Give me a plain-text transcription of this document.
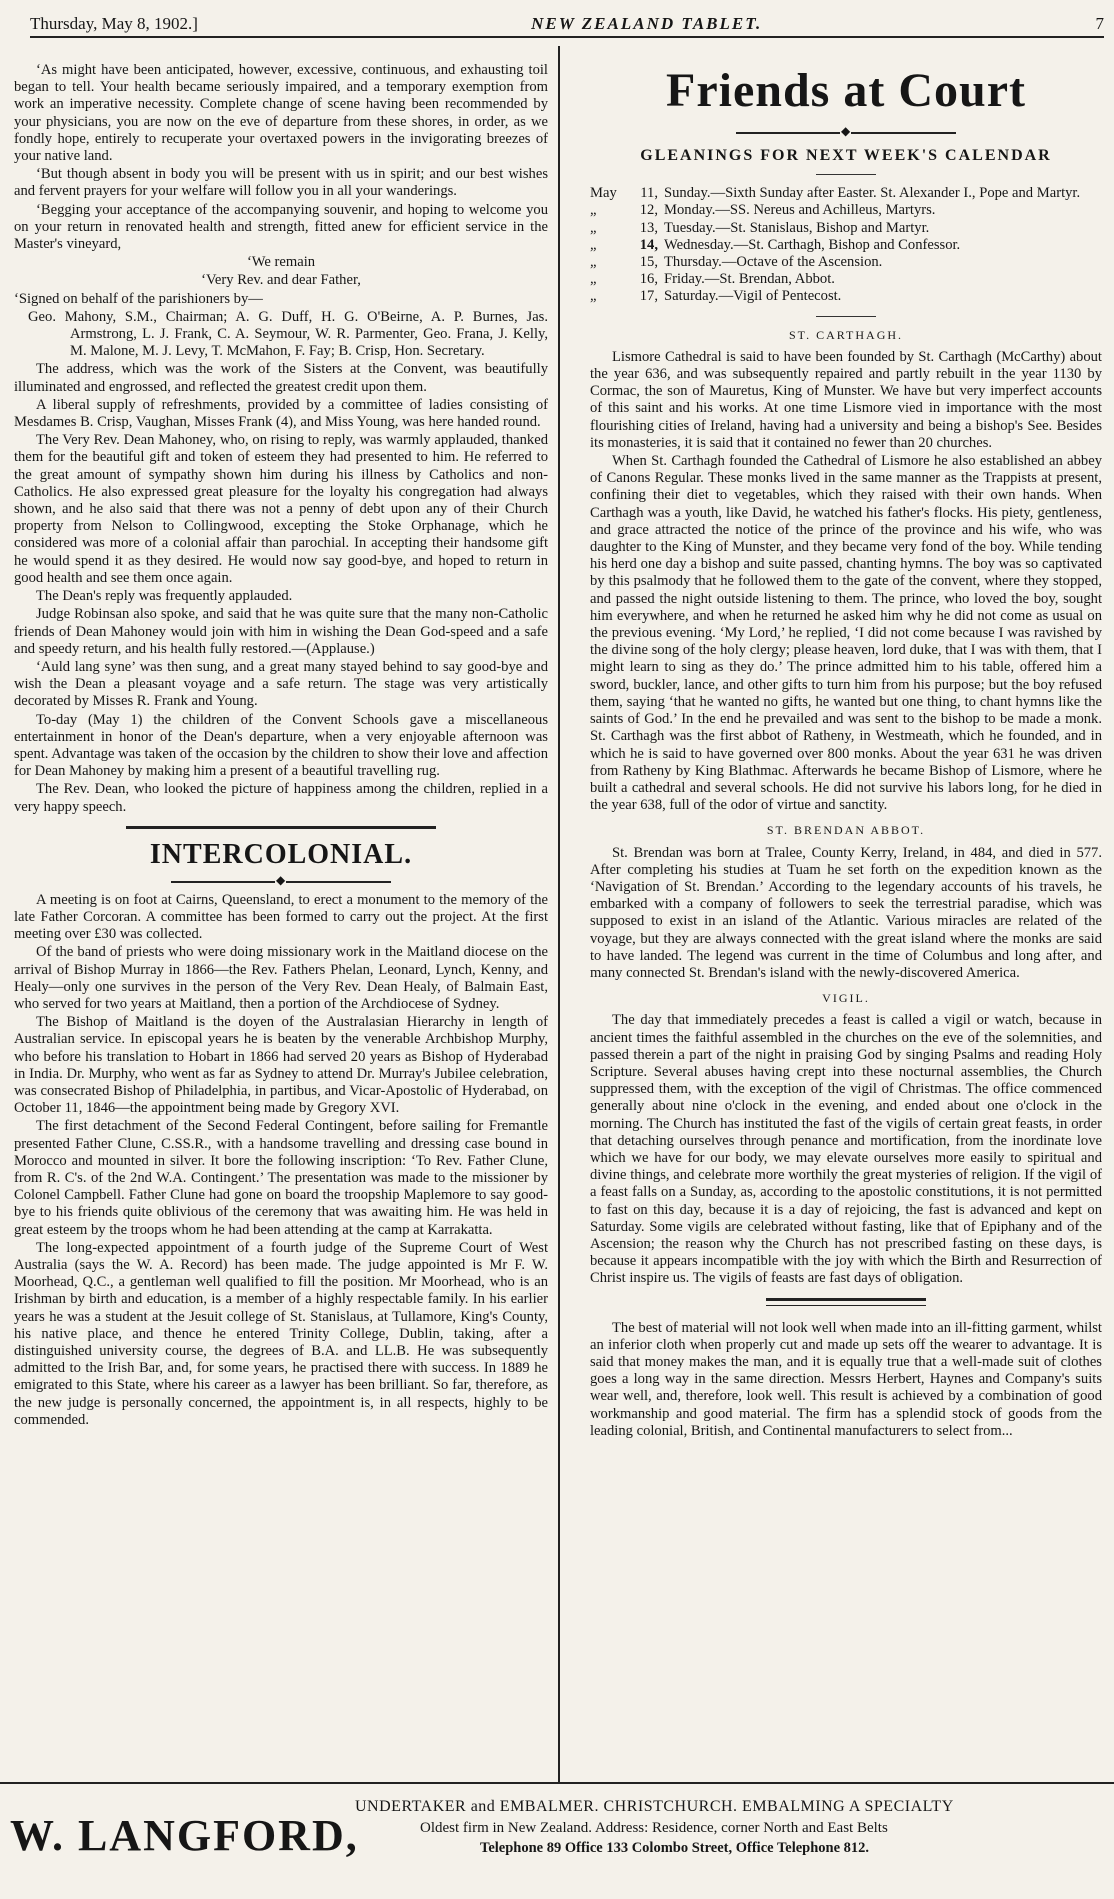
Thursday, May 8, 1902.]	NEW ZEALAND TABLET.	7

‘As might have been anticipated, however, excessive, continuous, and exhausting toil began to tell. Your health became seriously impaired, and a temporary exemption from work an imperative necessity. Complete change of scene having been recommended by your physicians, you are now on the eve of departure from these shores, in order, as we fondly hope, entirely to recuperate your overtaxed powers in the invigorating breezes of your native land.

‘But though absent in body you will be present with us in spirit; and our best wishes and fervent prayers for your welfare will follow you in all your wanderings.

‘Begging your acceptance of the accompanying souvenir, and hoping to welcome you on your return in renovated health and strength, fitted anew for efficient service in the Master's vineyard,

‘We remain

‘Very Rev. and dear Father,

‘Signed on behalf of the parishioners by—

Geo. Mahony, S.M., Chairman; A. G. Duff, H. G. O'Beirne, A. P. Burnes, Jas. Armstrong, L. J. Frank, C. A. Seymour, W. R. Parmenter, Geo. Frana, J. Kelly, M. Malone, M. J. Levy, T. McMahon, F. Fay; B. Crisp, Hon. Secretary.

The address, which was the work of the Sisters at the Convent, was beautifully illuminated and engrossed, and reflected the greatest credit upon them.

A liberal supply of refreshments, provided by a committee of ladies consisting of Mesdames B. Crisp, Vaughan, Misses Frank (4), and Miss Young, was here handed round.

The Very Rev. Dean Mahoney, who, on rising to reply, was warmly applauded, thanked them for the beautiful gift and token of esteem they had presented to him. He referred to the great amount of sympathy shown him during his illness by Catholics and non-Catholics. He also expressed great pleasure for the loyalty his congregation had always shown, and he also said that there was not a penny of debt upon any of their Church property from Nelson to Collingwood, excepting the Stoke Orphanage, which he considered was more of a colonial affair than parochial. In accepting their handsome gift he would spend it as they desired. He would now say good-bye, and hoped to return in good health and see them once again.

The Dean's reply was frequently applauded.

Judge Robinsan also spoke, and said that he was quite sure that the many non-Catholic friends of Dean Mahoney would join with him in wishing the Dean God-speed and a safe and speedy return, and his health fully restored.—(Applause.)

‘Auld lang syne’ was then sung, and a great many stayed behind to say good-bye and wish the Dean a pleasant voyage and a safe return. The stage was very artistically decorated by Misses R. Frank and Young.

To-day (May 1) the children of the Convent Schools gave a miscellaneous entertainment in honor of the Dean's departure, when a very enjoyable afternoon was spent. Advantage was taken of the occasion by the children to show their love and affection for Dean Mahoney by making him a present of a beautiful travelling rug.

The Rev. Dean, who looked the picture of happiness among the children, replied in a very happy speech.

INTERCOLONIAL.
◆

A meeting is on foot at Cairns, Queensland, to erect a monument to the memory of the late Father Corcoran. A committee has been formed to carry out the project. At the first meeting over £30 was collected.

Of the band of priests who were doing missionary work in the Maitland diocese on the arrival of Bishop Murray in 1866—the Rev. Fathers Phelan, Leonard, Lynch, Kenny, and Healy—only one survives in the person of the Very Rev. Dean Healy, of Balmain East, who served for two years at Maitland, then a portion of the Archdiocese of Sydney.

The Bishop of Maitland is the doyen of the Australasian Hierarchy in length of Australian service. In episcopal years he is beaten by the venerable Archbishop Murphy, who before his translation to Hobart in 1866 had served 20 years as Bishop of Hyderabad in India. Dr. Murphy, who went as far as Sydney to attend Dr. Murray's Jubilee celebration, was consecrated Bishop of Philadelphia, in partibus, and Vicar-Apostolic of Hyderabad, on October 11, 1846—the appointment being made by Gregory XVI.

The first detachment of the Second Federal Contingent, before sailing for Fremantle presented Father Clune, C.SS.R., with a handsome travelling and dressing case bound in Morocco and mounted in silver. It bore the following inscription: ‘To Rev. Father Clune, from R. C's. of the 2nd W.A. Contingent.’ The presentation was made to the missioner by Colonel Campbell. Father Clune had gone on board the troopship Maplemore to say good-bye to his friends quite oblivious of the ceremony that was awaiting him. He was held in great esteem by the troops whom he had been attending at the camp at Karrakatta.

The long-expected appointment of a fourth judge of the Supreme Court of West Australia (says the W. A. Record) has been made. The judge appointed is Mr F. W. Moorhead, Q.C., a gentleman well qualified to fill the position. Mr Moorhead, who is an Irishman by birth and education, is a member of a highly respectable family. In his earlier years he was a student at the Jesuit college of St. Stanislaus, at Tullamore, King's County, his native place, and thence he entered Trinity College, Dublin, taking, after a distinguished university course, the degrees of B.A. and LL.B. He was subsequently admitted to the Irish Bar, and, for some years, he practised there with success. In 1889 he emigrated to this State, where his career as a lawyer has been brilliant. So far, therefore, as the new judge is personally concerned, the appointment is, in all respects, highly to be commended.

Friends at Court
◆
GLEANINGS FOR NEXT WEEK'S CALENDAR
May	11, Sunday.—Sixth Sunday after Easter. St. Alexander I., Pope and Martyr.
„	12, Monday.—SS. Nereus and Achilleus, Martyrs.
„	13, Tuesday.—St. Stanislaus, Bishop and Martyr.
„	14, Wednesday.—St. Carthagh, Bishop and Confessor.
„	15, Thursday.—Octave of the Ascension.
„	16, Friday.—St. Brendan, Abbot.
„	17, Saturday.—Vigil of Pentecost.
ST. CARTHAGH.

Lismore Cathedral is said to have been founded by St. Carthagh (McCarthy) about the year 636, and was subsequently repaired and partly rebuilt in the year 1130 by Cormac, the son of Mauretus, King of Munster. We have but very imperfect accounts of this saint and his works. At one time Lismore vied in importance with the most flourishing cities of Ireland, having had a university and being a bishop's See. Besides its monasteries, it is said that it contained no fewer than 20 churches.

When St. Carthagh founded the Cathedral of Lismore he also established an abbey of Canons Regular. These monks lived in the same manner as the Trappists at present, confining their diet to vegetables, which they raised with their own hands. When Carthagh was a youth, like David, he watched his father's flocks. His piety, gentleness, and grace attracted the notice of the prince of the province and his wife, who was daughter to the King of Munster, and they became very fond of the boy. While tending his herd one day a bishop and suite passed, chanting hymns. The boy was so captivated by this psalmody that he followed them to the gate of the convent, where they stopped, and passed the night outside listening to them. The prince, who loved the boy, sought him everywhere, and when he returned he asked him why he did not come as usual on the previous evening. ‘My Lord,’ he replied, ‘I did not come because I was ravished by the divine song of the holy clergy; please heaven, lord duke, that I was with them, that I might learn to sing as they do.’ The prince admitted him to his table, offered him a sword, buckler, lance, and other gifts to turn him from his purpose; but the boy refused them, saying ‘that he wanted no gifts, he wanted but one thing, to chant hymns like the saints of God.’ In the end he prevailed and was sent to the bishop to be made a monk. St. Carthagh was the first abbot of Ratheny, in Westmeath, which he founded, and in which he is said to have governed over 800 monks. About the year 631 he was driven from Ratheny by King Blathmac. Afterwards he became Bishop of Lismore, where he built a cathedral and several schools. He did not survive his labors long, for he died in the year 638, full of the odor of virtue and sanctity.

ST. BRENDAN ABBOT.

St. Brendan was born at Tralee, County Kerry, Ireland, in 484, and died in 577. After completing his studies at Tuam he set forth on the expedition known as the ‘Navigation of St. Brendan.’ According to the legendary accounts of his travels, he embarked with a company of followers to seek the terrestrial paradise, which was supposed to exist in an island of the Atlantic. Various miracles are related of the voyage, but they are always connected with the great island where the monks are said to have landed. The legend was current in the time of Columbus and long after, and many connected St. Brendan's island with the newly-discovered America.

VIGIL.

The day that immediately precedes a feast is called a vigil or watch, because in ancient times the faithful assembled in the churches on the eve of the solemnities, and passed therein a part of the night in praising God by singing Psalms and reading Holy Scripture. Several abuses having crept into these nocturnal assemblies, the Church suppressed them, with the exception of the vigil of Christmas. The office commenced generally about nine o'clock in the evening, and ended about one o'clock in the morning. The Church has instituted the fast of the vigils of certain great feasts, in order that detaching ourselves through penance and mortification, from the inordinate love which we have for our body, we may elevate ourselves more easily to spiritual and divine things, and celebrate more worthily the great mysteries of religion. If the vigil of a feast falls on a Sunday, as, according to the apostolic constitutions, it is not permitted to fast on this day, because it is a day of rejoicing, the fast is advanced and kept on Saturday. Some vigils are celebrated without fasting, like that of Epiphany and of the Ascension; the reason why the Church has not prescribed fasting on these days, is because it appears incompatible with the joy with which the Birth and Resurrection of Christ inspire us. The vigils of feasts are fast days of obligation.

The best of material will not look well when made into an ill-fitting garment, whilst an inferior cloth when properly cut and made up sets off the wearer to advantage. It is said that money makes the man, and it is equally true that a well-made suit of clothes goes a long way in the same direction. Messrs Herbert, Haynes and Company's suits wear well, and, therefore, look well. This result is achieved by a combination of good workmanship and good material. The firm has a splendid stock of goods from the leading colonial, British, and Continental manufacturers to select from...

W. LANGFORD,
UNDERTAKER and EMBALMER. CHRISTCHURCH. EMBALMING A SPECIALTY
Oldest firm in New Zealand. Address: Residence, corner North and East Belts
Telephone 89 Office 133 Colombo Street, Office Telephone 812.
